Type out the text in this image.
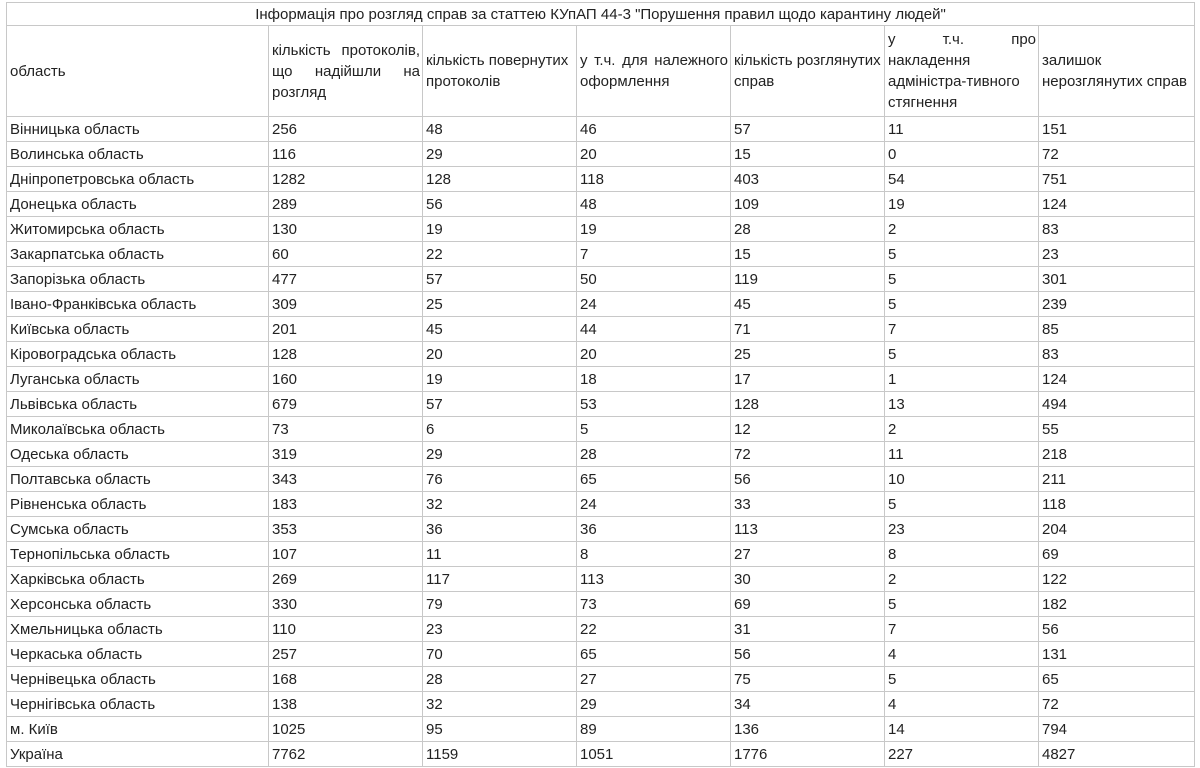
Інформація про розгляд справ за статтею КУпАП 44-3 "Порушення правил щодо карантину людей"						
область	кількість протоколів, що надійшли на розгляд	кількість повернутих протоколів	у т.ч. для належного оформлення	кількість розглянутих справ	у т.ч. про накладення адміністра-тивного стягнення	залишок нерозглянутих справ
Вінницька область	256	48	46	57	11	151
Волинська область	116	29	20	15	0	72
Дніпропетровська область	1282	128	118	403	54	751
Донецька область	289	56	48	109	19	124
Житомирська область	130	19	19	28	2	83
Закарпатська область	60	22	7	15	5	23
Запорізька область	477	57	50	119	5	301
Івано-Франківська область	309	25	24	45	5	239
Київська область	201	45	44	71	7	85
Кіровоградська область	128	20	20	25	5	83
Луганська область	160	19	18	17	1	124
Львівська область	679	57	53	128	13	494
Миколаївська область	73	6	5	12	2	55
Одеська область	319	29	28	72	11	218
Полтавська область	343	76	65	56	10	211
Рівненська область	183	32	24	33	5	118
Сумська область	353	36	36	113	23	204
Тернопільська область	107	11	8	27	8	69
Харківська область	269	117	113	30	2	122
Херсонська область	330	79	73	69	5	182
Хмельницька область	110	23	22	31	7	56
Черкаська область	257	70	65	56	4	131
Чернівецька область	168	28	27	75	5	65
Чернігівська область	138	32	29	34	4	72
м. Київ	1025	95	89	136	14	794
Україна	7762	1159	1051	1776	227	4827
